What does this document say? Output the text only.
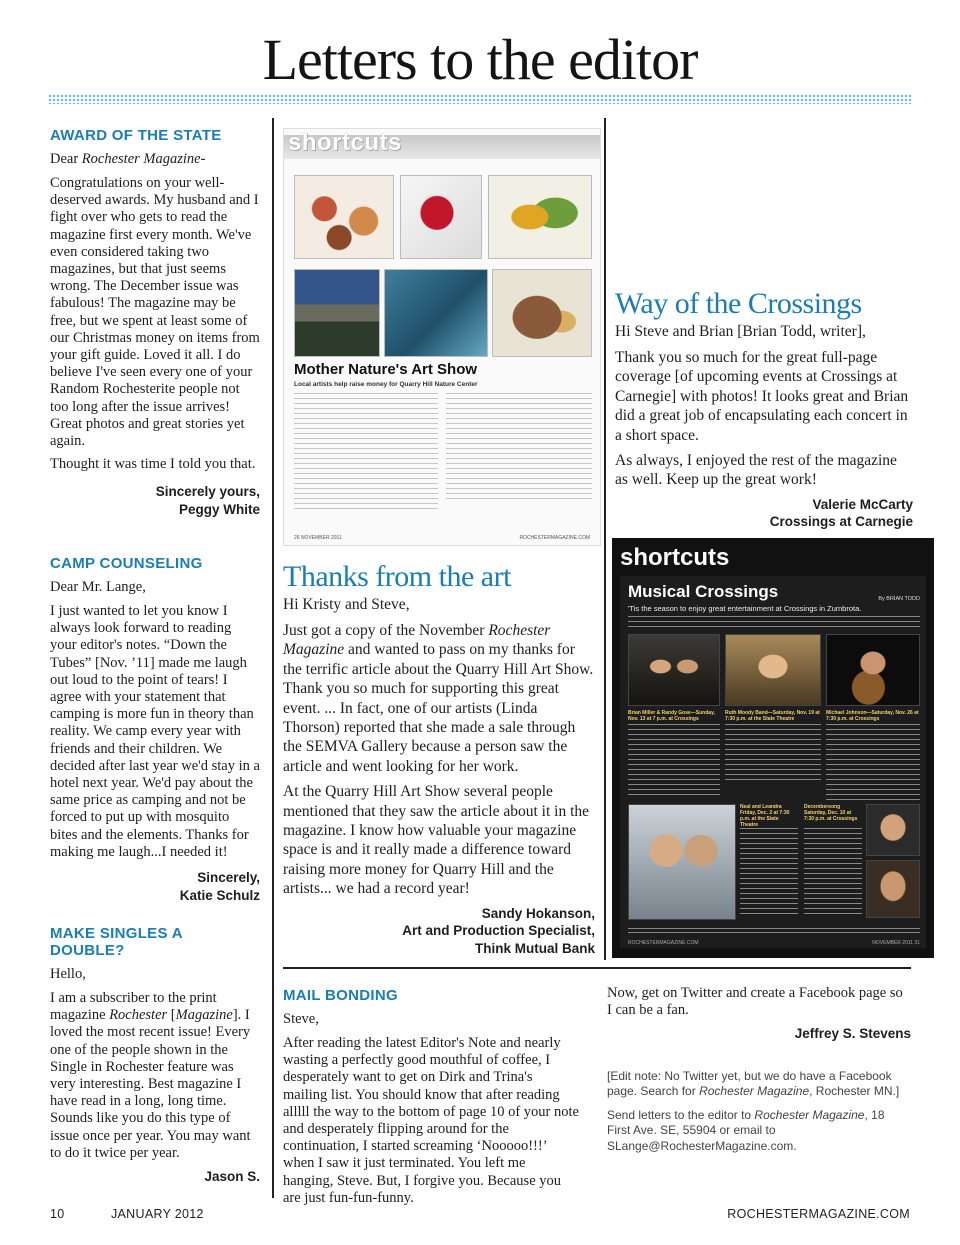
Letters to the editor
AWARD OF THE STATE
Dear Rochester Magazine-

Congratulations on your well-deserved awards. My husband and I fight over who gets to read the magazine first every month. We've even considered taking two magazines, but that just seems wrong. The December issue was fabulous! The magazine may be free, but we spent at least some of our Christmas money on items from your gift guide. Loved it all. I do believe I've seen every one of your Random Rochesterite people not too long after the issue arrives! Great photos and great stories yet again.

Thought it was time I told you that.

Sincerely yours,
Peggy White
CAMP COUNSELING
Dear Mr. Lange,

I just wanted to let you know I always look forward to reading your editor's notes. “Down the Tubes” [Nov. ’11] made me laugh out loud to the point of tears! I agree with your statement that camping is more fun in theory than reality. We camp every year with friends and their children. We decided after last year we'd stay in a hotel next year. We'd pay about the same price as camping and not be forced to put up with mosquito bites and the elements. Thanks for making me laugh...I needed it!

Sincerely,
Katie Schulz
MAKE SINGLES A DOUBLE?
Hello,

I am a subscriber to the print magazine Rochester [Magazine]. I loved the most recent issue! Every one of the people shown in the Single in Rochester feature was very interesting. Best magazine I have read in a long, long time. Sounds like you do this type of issue once per year. You may want to do it twice per year.

Jason S.
shortcuts
Mother Nature's Art Show
Local artists help raise money for Quarry Hill Nature Center
26 NOVEMBER 2011	ROCHESTERMAGAZINE.COM
Thanks from the art
Hi Kristy and Steve,

Just got a copy of the November Rochester Magazine and wanted to pass on my thanks for the terrific article about the Quarry Hill Art Show. Thank you so much for supporting this great event. ... In fact, one of our artists (Linda Thorson) reported that she made a sale through the SEMVA Gallery because a person saw the article and went looking for her work.

At the Quarry Hill Art Show several people mentioned that they saw the article about it in the magazine. I know how valuable your magazine space is and it really made a difference toward raising more money for Quarry Hill and the artists... we had a record year!

Sandy Hokanson,
Art and Production Specialist,
Think Mutual Bank
Way of the Crossings
Hi Steve and Brian [Brian Todd, writer],

Thank you so much for the great full-page coverage [of upcoming events at Crossings at Carnegie] with photos! It looks great and Brian did a great job of encapsulating each concert in a short space.

As always, I enjoyed the rest of the magazine as well. Keep up the great work!

Valerie McCarty
Crossings at Carnegie
shortcuts
Musical Crossings	By BRIAN TODD
'Tis the season to enjoy great entertainment at Crossings in Zumbrota.
Brian Miller & Randy Gose—Sunday, Nov. 13 at 7 p.m. at Crossings
Ruth Moody Band—Saturday, Nov. 19 at 7:30 p.m. at the State Theatre
Michael Johnson—Saturday, Nov. 26 at 7:30 p.m. at Crossings
Neal and Leandra Friday, Dec. 2 at 7:30 p.m. at the State Theatre
Decembersong Saturday, Dec. 10 at 7:30 p.m. at Crossings
ROCHESTERMAGAZINE.COM	NOVEMBER 2011 31
MAIL BONDING
Steve,

After reading the latest Editor's Note and nearly wasting a perfectly good mouthful of coffee, I desperately want to get on Dirk and Trina's mailing list. You should know that after reading alllll the way to the bottom of page 10 of your note and desperately flipping around for the continuation, I started screaming ‘Nooooo!!!’ when I saw it just terminated. You left me hanging, Steve. But, I forgive you. Because you are just fun-fun-funny.

Now, get on Twitter and create a Facebook page so I can be a fan.

Jeffrey S. Stevens
[Edit note: No Twitter yet, but we do have a Facebook page. Search for Rochester Magazine, Rochester MN.]
Send letters to the editor to Rochester Magazine, 18 First Ave. SE, 55904 or email to SLange@RochesterMagazine.com.
10	JANUARY 2012	ROCHESTERMAGAZINE.COM
